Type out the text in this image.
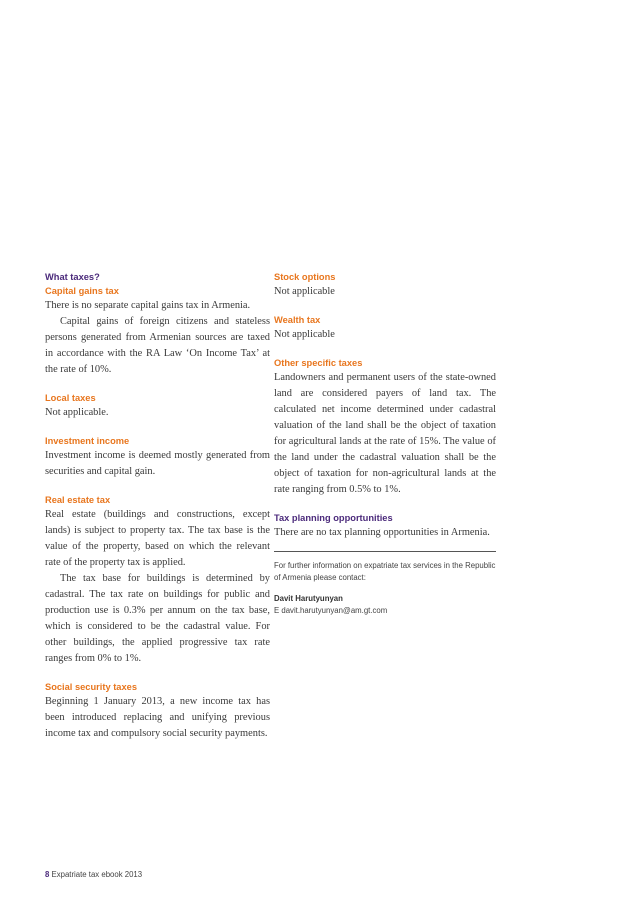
What taxes?
Capital gains tax

There is no separate capital gains tax in Armenia.

Capital gains of foreign citizens and stateless persons generated from Armenian sources are taxed in accordance with the RA Law ‘On Income Tax’ at the rate of 10%.

Local taxes

Not applicable.

Investment income

Investment income is deemed mostly generated from securities and capital gain.

Real estate tax

Real estate (buildings and constructions, except lands) is subject to property tax. The tax base is the value of the property, based on which the relevant rate of the property tax is applied.

The tax base for buildings is determined by cadastral. The tax rate on buildings for public and production use is 0.3% per annum on the tax base, which is considered to be the cadastral value. For other buildings, the applied progressive tax rate ranges from 0% to 1%.

Social security taxes

Beginning 1 January 2013, a new income tax has been introduced replacing and unifying previous income tax and compulsory social security payments.

Stock options

Not applicable

Wealth tax

Not applicable

Other specific taxes

Landowners and permanent users of the state-owned land are considered payers of land tax. The calculated net income determined under cadastral valuation of the land shall be the object of taxation for agricultural lands at the rate of 15%. The value of the land under the cadastral valuation shall be the object of taxation for non-agricultural lands at the rate ranging from 0.5% to 1%.

Tax planning opportunities

There are no tax planning opportunities in Armenia.

For further information on expatriate tax services in the Republic of Armenia please contact:

Davit Harutyunyan

E davit.harutyunyan@am.gt.com

8 Expatriate tax ebook 2013
